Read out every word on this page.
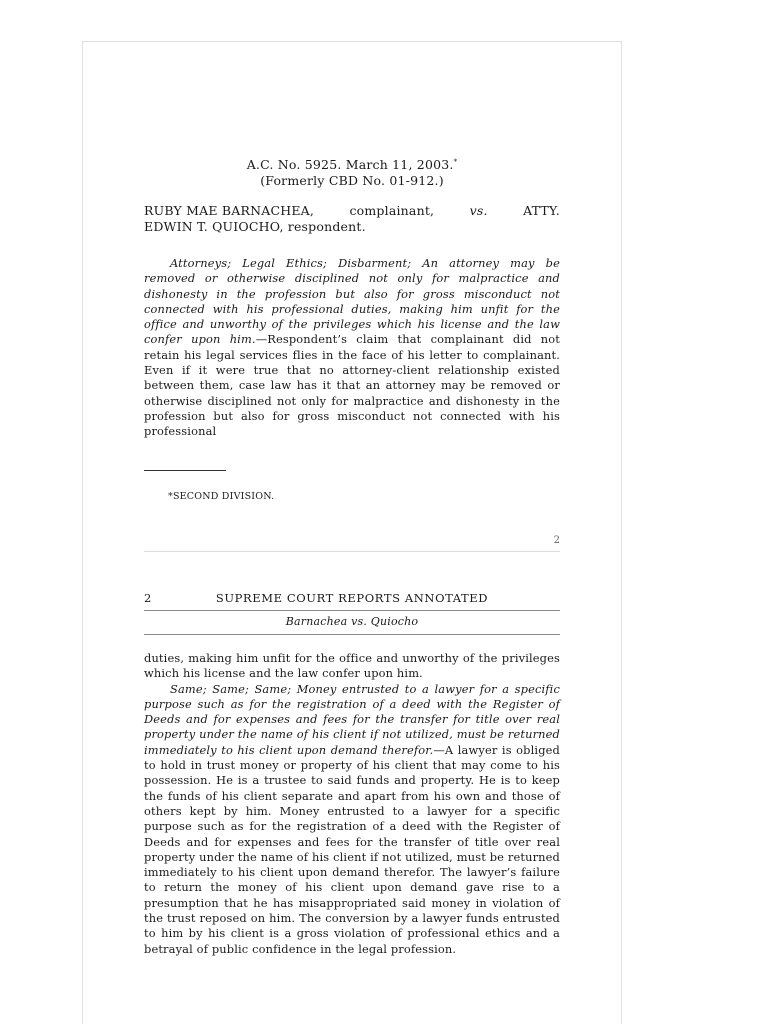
A.C. No. 5925. March 11, 2003.*
(Formerly CBD No. 01-912.)
RUBY MAE BARNACHEA,	complainant,	vs.	ATTY.
EDWIN T. QUIOCHO, respondent.

Attorneys; Legal Ethics; Disbarment; An attorney may be removed or otherwise disciplined not only for malpractice and dishonesty in the profession but also for gross misconduct not connected with his professional duties, making him unfit for the office and unworthy of the privileges which his license and the law confer upon him.—Respondent’s claim that complainant did not retain his legal services flies in the face of his letter to complainant. Even if it were true that no attorney-client relationship existed between them, case law has it that an attorney may be removed or otherwise disciplined not only for malpractice and dishonesty in the profession but also for gross misconduct not connected with his professional

*SECOND DIVISION.
2
2	SUPREME COURT REPORTS ANNOTATED
Barnachea vs. Quiocho

duties, making him unfit for the office and unworthy of the privileges which his license and the law confer upon him.

Same; Same; Same; Money entrusted to a lawyer for a specific purpose such as for the registration of a deed with the Register of Deeds and for expenses and fees for the transfer for title over real property under the name of his client if not utilized, must be returned immediately to his client upon demand therefor.—A lawyer is obliged to hold in trust money or property of his client that may come to his possession. He is a trustee to said funds and property. He is to keep the funds of his client separate and apart from his own and those of others kept by him. Money entrusted to a lawyer for a specific purpose such as for the registration of a deed with the Register of Deeds and for expenses and fees for the transfer of title over real property under the name of his client if not utilized, must be returned immediately to his client upon demand therefor. The lawyer’s failure to return the money of his client upon demand gave rise to a presumption that he has misappropriated said money in violation of the trust reposed on him. The conversion by a lawyer funds entrusted to him by his client is a gross violation of professional ethics and a betrayal of public confidence in the legal profession.
